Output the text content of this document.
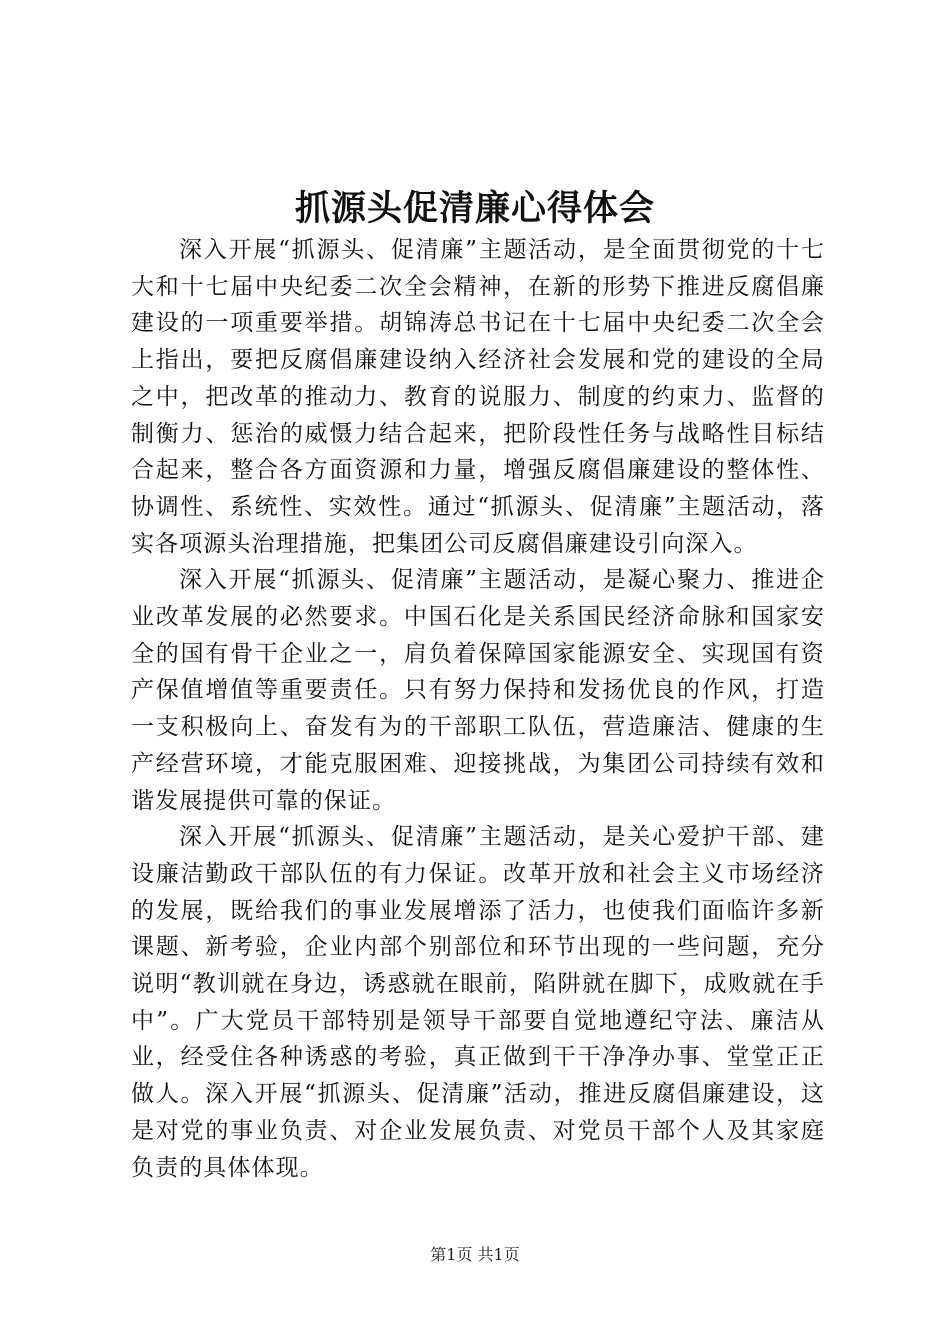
抓源头促清廉心得体会

深入开展“抓源头、促清廉”主题活动，是全面贯彻党的十七大和十七届中央纪委二次全会精神，在新的形势下推进反腐倡廉建设的一项重要举措。胡锦涛总书记在十七届中央纪委二次全会上指出，要把反腐倡廉建设纳入经济社会发展和党的建设的全局之中，把改革的推动力、教育的说服力、制度的约束力、监督的制衡力、惩治的威慑力结合起来，把阶段性任务与战略性目标结合起来，整合各方面资源和力量，增强反腐倡廉建设的整体性、协调性、系统性、实效性。通过“抓源头、促清廉”主题活动，落实各项源头治理措施，把集团公司反腐倡廉建设引向深入。

深入开展“抓源头、促清廉”主题活动，是凝心聚力、推进企业改革发展的必然要求。中国石化是关系国民经济命脉和国家安全的国有骨干企业之一，肩负着保障国家能源安全、实现国有资产保值增值等重要责任。只有努力保持和发扬优良的作风，打造一支积极向上、奋发有为的干部职工队伍，营造廉洁、健康的生产经营环境，才能克服困难、迎接挑战，为集团公司持续有效和谐发展提供可靠的保证。

深入开展“抓源头、促清廉”主题活动，是关心爱护干部、建设廉洁勤政干部队伍的有力保证。改革开放和社会主义市场经济的发展，既给我们的事业发展增添了活力，也使我们面临许多新课题、新考验，企业内部个别部位和环节出现的一些问题，充分说明“教训就在身边，诱惑就在眼前，陷阱就在脚下，成败就在手中”。广大党员干部特别是领导干部要自觉地遵纪守法、廉洁从业，经受住各种诱惑的考验，真正做到干干净净办事、堂堂正正做人。深入开展“抓源头、促清廉”活动，推进反腐倡廉建设，这是对党的事业负责、对企业发展负责、对党员干部个人及其家庭负责的具体体现。

第1页 共1页
